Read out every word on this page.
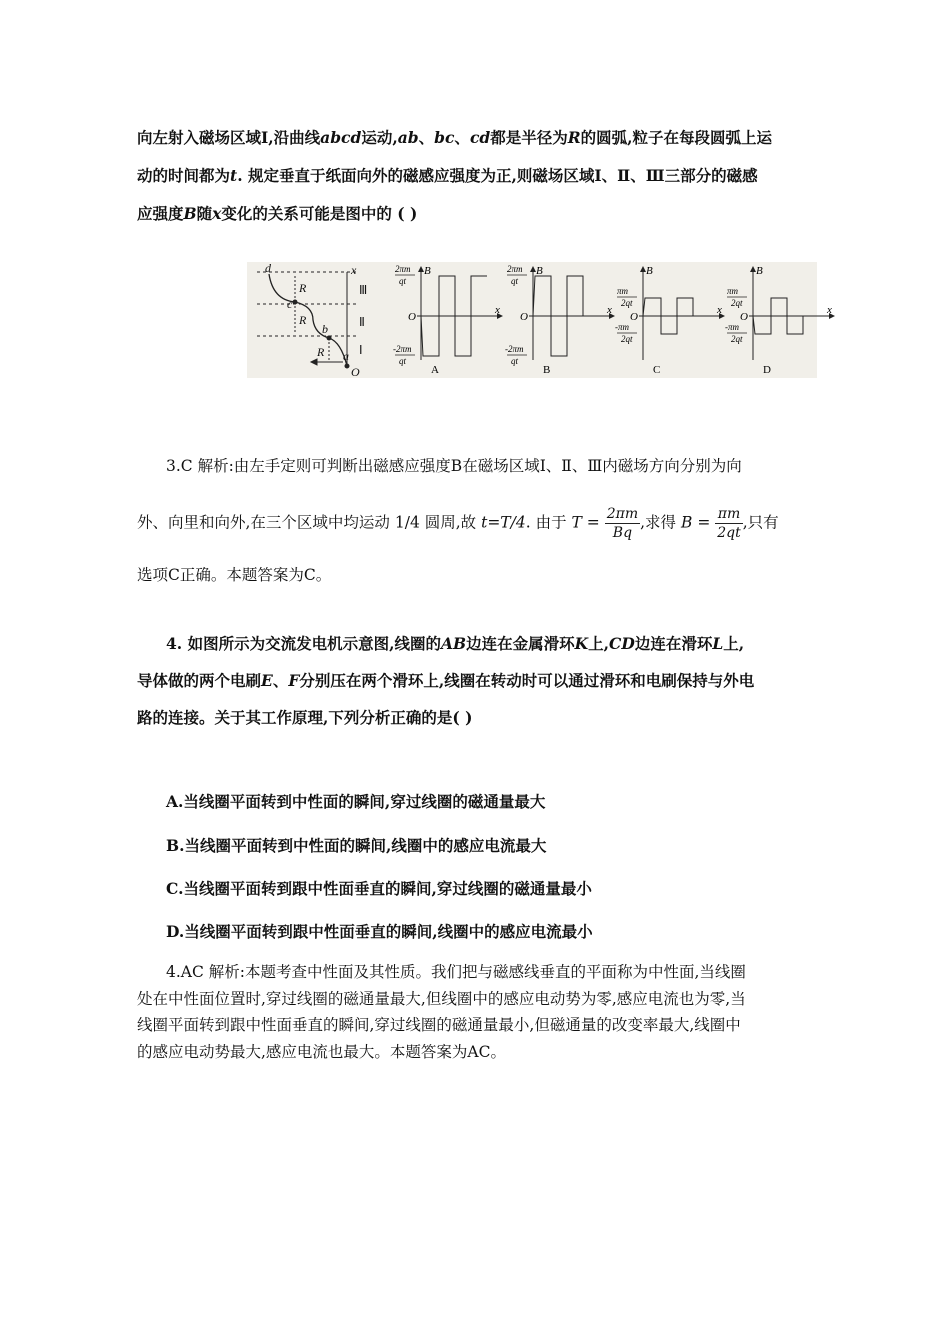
向左射入磁场区域Ⅰ,沿曲线abcd运动,ab、bc、cd都是半径为R的圆弧,粒子在每段圆弧上运
动的时间都为t. 规定垂直于纸面向外的磁感应强度为正,则磁场区域Ⅰ、Ⅱ、Ⅲ三部分的磁感
应强度B随x变化的关系可能是图中的 ( )
d
c
b
a
R
R
R
O
x
Ⅲ
Ⅱ
Ⅰ
B
x
O
2πm
qt
-2πm
qt
A
B
x
O
2πm
qt
-2πm
qt
B
B
x
O
πm
2qt
-πm
2qt
C
B
x
O
πm
2qt
-πm
2qt
D
3.C 解析:由左手定则可判断出磁感应强度B在磁场区域Ⅰ、Ⅱ、Ⅲ内磁场方向分别为向
外、向里和向外,在三个区域中均运动 1/4 圆周,故 t=T/4. 由于 $T = \frac{2\pi m}{Bq}$ ,求得 $B = \frac{\pi m}{2qt}$ ,只有
选项C正确。本题答案为C。
4. 如图所示为交流发电机示意图,线圈的AB边连在金属滑环K上,CD边连在滑环L上,
导体做的两个电刷E、F分别压在两个滑环上,线圈在转动时可以通过滑环和电刷保持与外电
路的连接。关于其工作原理,下列分析正确的是( )
A.当线圈平面转到中性面的瞬间,穿过线圈的磁通量最大
B.当线圈平面转到中性面的瞬间,线圈中的感应电流最大
C.当线圈平面转到跟中性面垂直的瞬间,穿过线圈的磁通量最小
D.当线圈平面转到跟中性面垂直的瞬间,线圈中的感应电流最小
4.AC 解析:本题考查中性面及其性质。我们把与磁感线垂直的平面称为中性面,当线圈
处在中性面位置时,穿过线圈的磁通量最大,但线圈中的感应电动势为零,感应电流也为零,当
线圈平面转到跟中性面垂直的瞬间,穿过线圈的磁通量最小,但磁通量的改变率最大,线圈中
的感应电动势最大,感应电流也最大。本题答案为AC。
